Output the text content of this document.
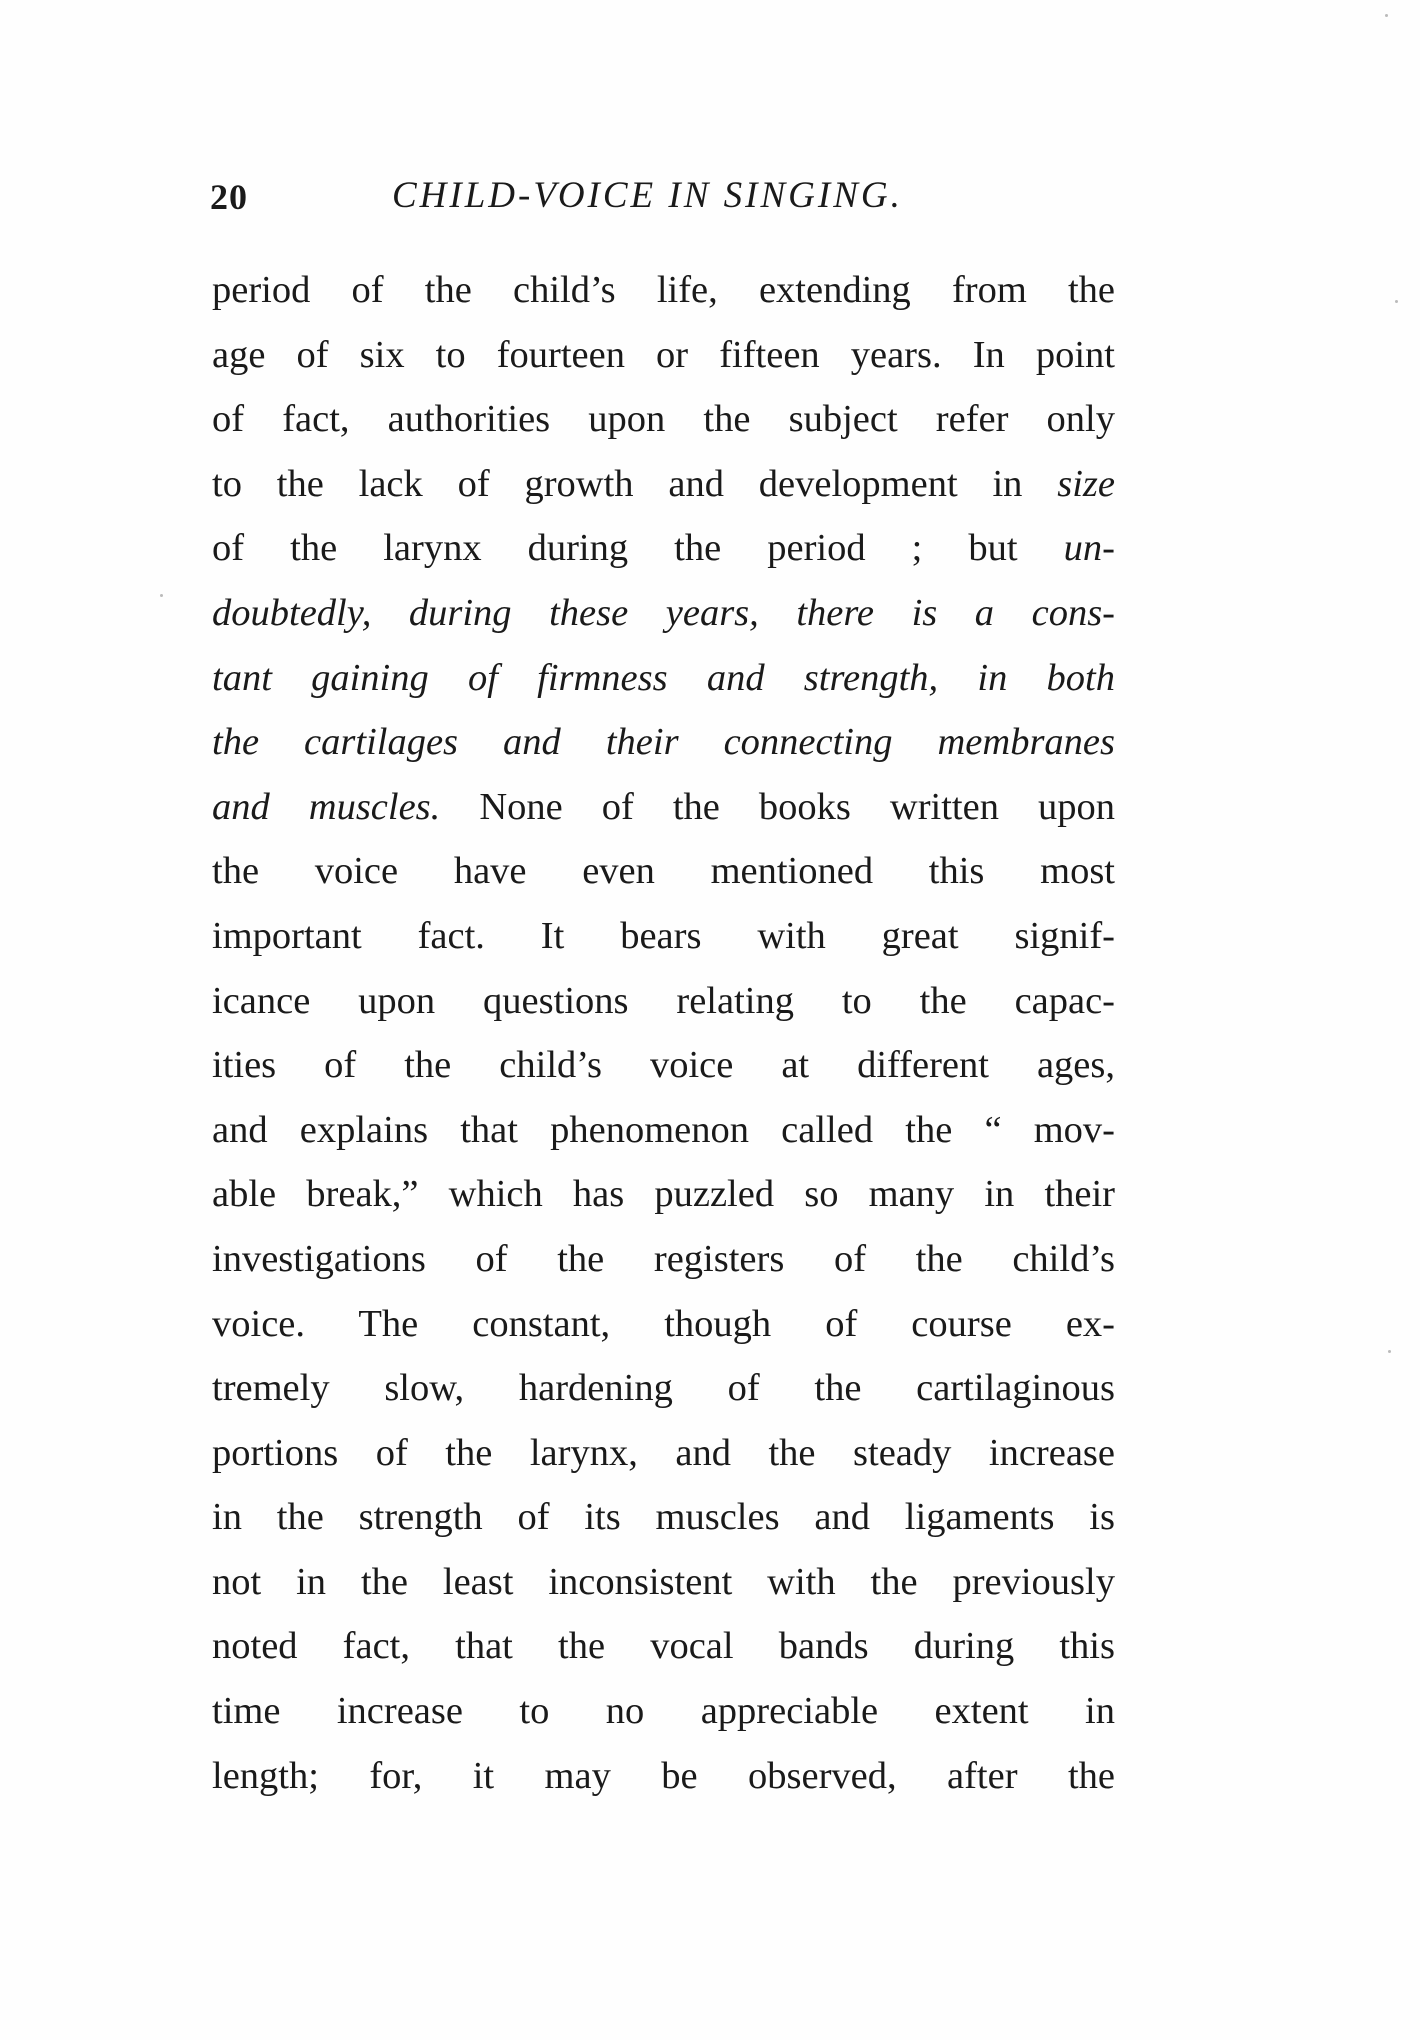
20	CHILD-VOICE IN SINGING.
period of the child’s life, extending from the
age of six to fourteen or fifteen years. In point
of fact, authorities upon the subject refer only
to the lack of growth and development in size
of the larynx during the period ; but un-
doubtedly, during these years, there is a cons-
tant gaining of firmness and strength, in both
the cartilages and their connecting membranes
and muscles. None of the books written upon
the voice have even mentioned this most
important fact. It bears with great signif-
icance upon questions relating to the capac-
ities of the child’s voice at different ages,
and explains that phenomenon called the “ mov-
able break,” which has puzzled so many in their
investigations of the registers of the child’s
voice. The constant, though of course ex-
tremely slow, hardening of the cartilaginous
portions of the larynx, and the steady increase
in the strength of its muscles and ligaments is
not in the least inconsistent with the previously
noted fact, that the vocal bands during this
time increase to no appreciable extent in
length; for, it may be observed, after the
